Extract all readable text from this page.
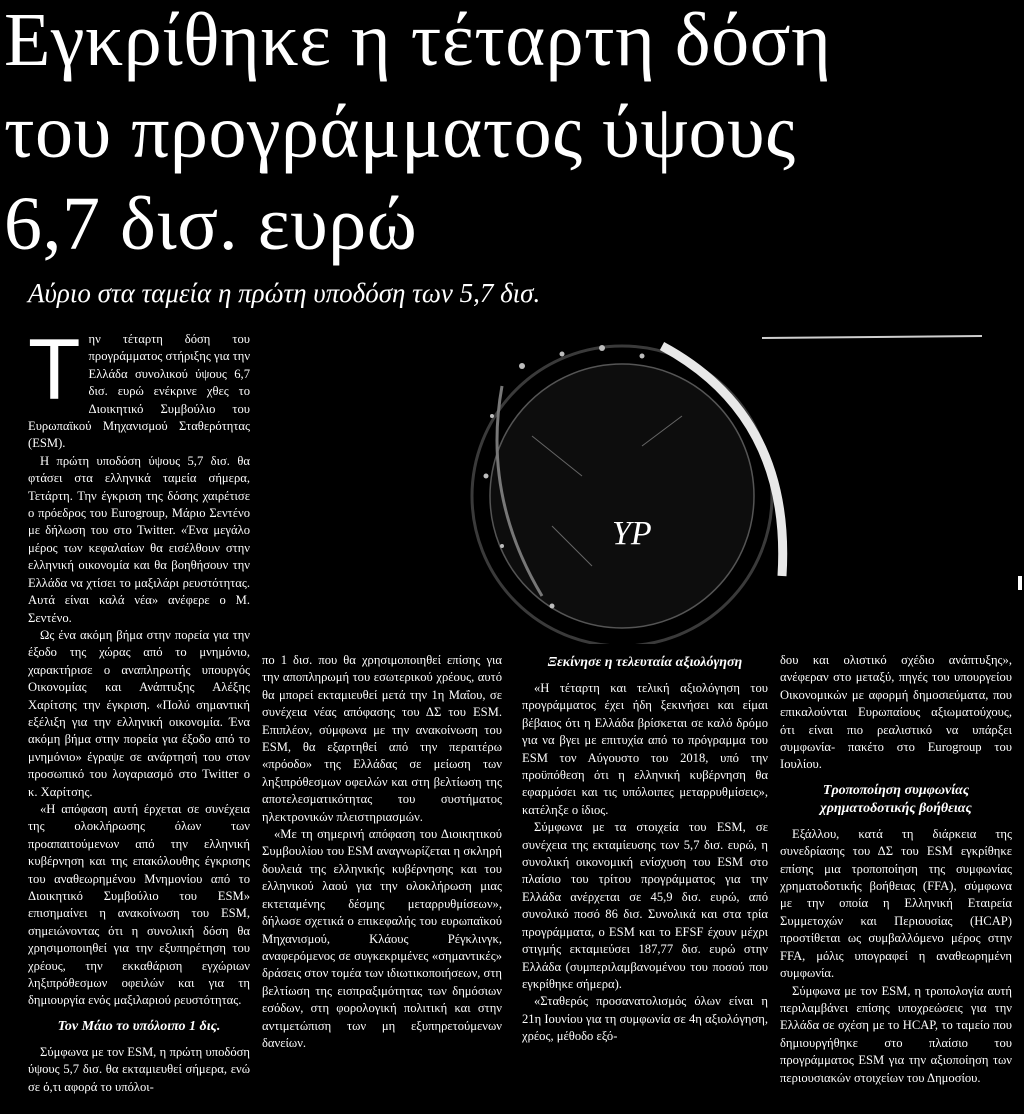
Εγκρίθηκε η τέταρτη δόση
του προγράμματος ύψους
6,7 δισ. ευρώ

Αύριο στα ταμεία η πρώτη υποδόση των 5,7 δισ.

Τ ην τέταρτη δόση του προγράμματος στήριξης για την Ελλάδα συνολικού ύψους 6,7 δισ. ευρώ ενέκρινε χθες το Διοικητικό Συμβούλιο του Ευρωπαϊκού Μηχανισμού Σταθερότητας (ESM).

Η πρώτη υποδόση ύψους 5,7 δισ. θα φτάσει στα ελληνικά ταμεία σήμερα, Τετάρτη. Την έγκριση της δόσης χαιρέτισε ο πρόεδρος του Eurogroup, Μάριο Σεντένο με δήλωση του στο Twitter. «Ένα μεγάλο μέρος των κεφαλαίων θα εισέλθουν στην ελληνική οικονομία και θα βοηθήσουν την Ελλάδα να χτίσει το μαξιλάρι ρευστότητας. Αυτά είναι καλά νέα» ανέφερε ο Μ. Σεντένο.

Ως ένα ακόμη βήμα στην πορεία για την έξοδο της χώρας από το μνημόνιο, χαρακτήρισε ο αναπληρωτής υπουργός Οικονομίας και Ανάπτυξης Αλέξης Χαρίτσης την έγκριση. «Πολύ σημαντική εξέλιξη για την ελληνική οικονομία. Ένα ακόμη βήμα στην πορεία για έξοδο από το μνημόνιο» έγραψε σε ανάρτησή του στον προσωπικό του λογαριασμό στο Twitter ο κ. Χαρίτσης.

«Η απόφαση αυτή έρχεται σε συνέχεια της ολοκλήρωσης όλων των προαπαιτούμενων από την ελληνική κυβέρνηση και της επακόλουθης έγκρισης του αναθεωρημένου Μνημονίου από το Διοικητικό Συμβούλιο του ESM» επισημαίνει η ανακοίνωση του ESM, σημειώνοντας ότι η συνολική δόση θα χρησιμοποιηθεί για την εξυπηρέτηση του χρέους, την εκκαθάριση εγχώριων ληξιπρόθεσμων οφειλών και για τη δημιουργία ενός μαξιλαριού ρευστότητας.

Τον Μάιο το υπόλοιπο 1 δις.

Σύμφωνα με τον ESM, η πρώτη υποδόση ύψους 5,7 δισ. θα εκταμιευθεί σήμερα, ενώ σε ό,τι αφορά το υπόλοι-

ΥΡ

πο 1 δισ. που θα χρησιμοποιηθεί επίσης για την αποπληρωμή του εσωτερικού χρέους, αυτό θα μπορεί εκταμιευθεί μετά την 1η Μαΐου, σε συνέχεια νέας απόφασης του ΔΣ του ESM. Επιπλέον, σύμφωνα με την ανακοίνωση του ESM, θα εξαρτηθεί από την περαιτέρω «πρόοδο» της Ελλάδας σε μείωση των ληξιπρόθεσμων οφειλών και στη βελτίωση της αποτελεσματικότητας του συστήματος ηλεκτρονικών πλειστηριασμών.

«Με τη σημερινή απόφαση του Διοικητικού Συμβουλίου του ESM αναγνωρίζεται η σκληρή δουλειά της ελληνικής κυβέρνησης και του ελληνικού λαού για την ολοκλήρωση μιας εκτεταμένης δέσμης μεταρρυθμίσεων», δήλωσε σχετικά ο επικεφαλής του ευρωπαϊκού Μηχανισμού, Κλάους Ρέγκλινγκ, αναφερόμενος σε συγκεκριμένες «σημαντικές» δράσεις στον τομέα των ιδιωτικοποιήσεων, στη βελτίωση της εισπραξιμότητας των δημόσιων εσόδων, στη φορολογική πολιτική και στην αντιμετώπιση των μη εξυπηρετούμενων δανείων.

Ξεκίνησε η τελευταία αξιολόγηση

«Η τέταρτη και τελική αξιολόγηση του προγράμματος έχει ήδη ξεκινήσει και είμαι βέβαιος ότι η Ελλάδα βρίσκεται σε καλό δρόμο για να βγει με επιτυχία από το πρόγραμμα του ESM τον Αύγουστο του 2018, υπό την προϋπόθεση ότι η ελληνική κυβέρνηση θα εφαρμόσει και τις υπόλοιπες μεταρρυθμίσεις», κατέληξε ο ίδιος.

Σύμφωνα με τα στοιχεία του ESM, σε συνέχεια της εκταμίευσης των 5,7 δισ. ευρώ, η συνολική οικονομική ενίσχυση του ESM στο πλαίσιο του τρίτου προγράμματος για την Ελλάδα ανέρχεται σε 45,9 δισ. ευρώ, από συνολικό ποσό 86 δισ. Συνολικά και στα τρία προγράμματα, ο ESM και το EFSF έχουν μέχρι στιγμής εκταμιεύσει 187,77 δισ. ευρώ στην Ελλάδα (συμπεριλαμβανομένου του ποσού που εγκρίθηκε σήμερα).

«Σταθερός προσανατολισμός όλων είναι η 21η Ιουνίου για τη συμφωνία σε 4η αξιολόγηση, χρέος, μέθοδο εξό-

δου και ολιστικό σχέδιο ανάπτυξης», ανέφεραν στο μεταξύ, πηγές του υπουργείου Οικονομικών με αφορμή δημοσιεύματα, που επικαλούνται Ευρωπαίους αξιωματούχους, ότι είναι πιο ρεαλιστικό να υπάρξει συμφωνία- πακέτο στο Eurogroup του Ιουλίου.

Τροποποίηση συμφωνίας χρηματοδοτικής βοήθειας

Εξάλλου, κατά τη διάρκεια της συνεδρίασης του ΔΣ του ESM εγκρίθηκε επίσης μια τροποποίηση της συμφωνίας χρηματοδοτικής βοήθειας (FFA), σύμφωνα με την οποία η Ελληνική Εταιρεία Συμμετοχών και Περιουσίας (HCAP) προστίθεται ως συμβαλλόμενο μέρος στην FFA, μόλις υπογραφεί η αναθεωρημένη συμφωνία.

Σύμφωνα με τον ESM, η τροπολογία αυτή περιλαμβάνει επίσης υποχρεώσεις για την Ελλάδα σε σχέση με το HCAP, το ταμείο που δημιουργήθηκε στο πλαίσιο του προγράμματος ESM για την αξιοποίηση των περιουσιακών στοιχείων του Δημοσίου.
